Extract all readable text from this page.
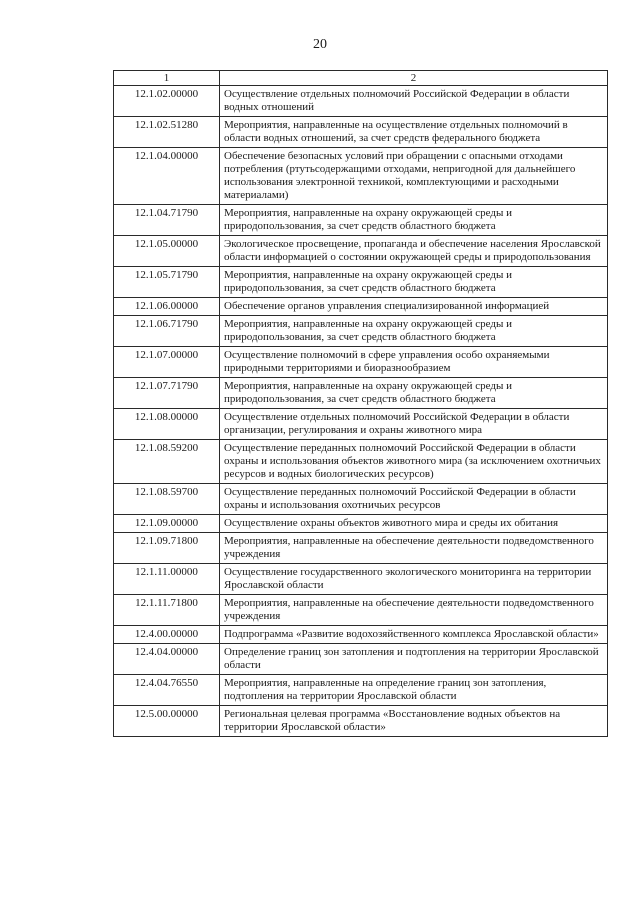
20
1	2
12.1.02.00000	Осуществление отдельных полномочий Российской Федерации в области водных отношений
12.1.02.51280	Мероприятия, направленные на осуществление отдельных полномочий в области водных отношений, за счет средств федерального бюджета
12.1.04.00000	Обеспечение безопасных условий при обращении с опасными отходами потребления (ртутьсодержащими отходами, непригодной для дальнейшего использования электронной техникой, комплектующими и расходными материалами)
12.1.04.71790	Мероприятия, направленные на охрану окружающей среды и природопользования, за счет средств областного бюджета
12.1.05.00000	Экологическое просвещение, пропаганда и обеспечение населения Ярославской области информацией о состоянии окружающей среды и природопользования
12.1.05.71790	Мероприятия, направленные на охрану окружающей среды и природопользования, за счет средств областного бюджета
12.1.06.00000	Обеспечение органов управления специализированной информацией
12.1.06.71790	Мероприятия, направленные на охрану окружающей среды и природопользования, за счет средств областного бюджета
12.1.07.00000	Осуществление полномочий в сфере управления особо охраняемыми природными территориями и биоразнообразием
12.1.07.71790	Мероприятия, направленные на охрану окружающей среды и природопользования, за счет средств областного бюджета
12.1.08.00000	Осуществление отдельных полномочий Российской Федерации в области организации, регулирования и охраны животного мира
12.1.08.59200	Осуществление переданных полномочий Российской Федерации в области охраны и использования объектов животного мира (за исключением охотничьих ресурсов и водных биологических ресурсов)
12.1.08.59700	Осуществление переданных полномочий Российской Федерации в области охраны и использования охотничьих ресурсов
12.1.09.00000	Осуществление охраны объектов животного мира и среды их обитания
12.1.09.71800	Мероприятия, направленные на обеспечение деятельности подведомственного учреждения
12.1.11.00000	Осуществление государственного экологического мониторинга на территории Ярославской области
12.1.11.71800	Мероприятия, направленные на обеспечение деятельности подведомственного учреждения
12.4.00.00000	Подпрограмма «Развитие водохозяйственного комплекса Ярославской области»
12.4.04.00000	Определение границ зон затопления и подтопления на территории Ярославской области
12.4.04.76550	Мероприятия, направленные на определение границ зон затопления, подтопления на территории Ярославской области
12.5.00.00000	Региональная целевая программа «Восстановление водных объектов на территории Ярославской области»
